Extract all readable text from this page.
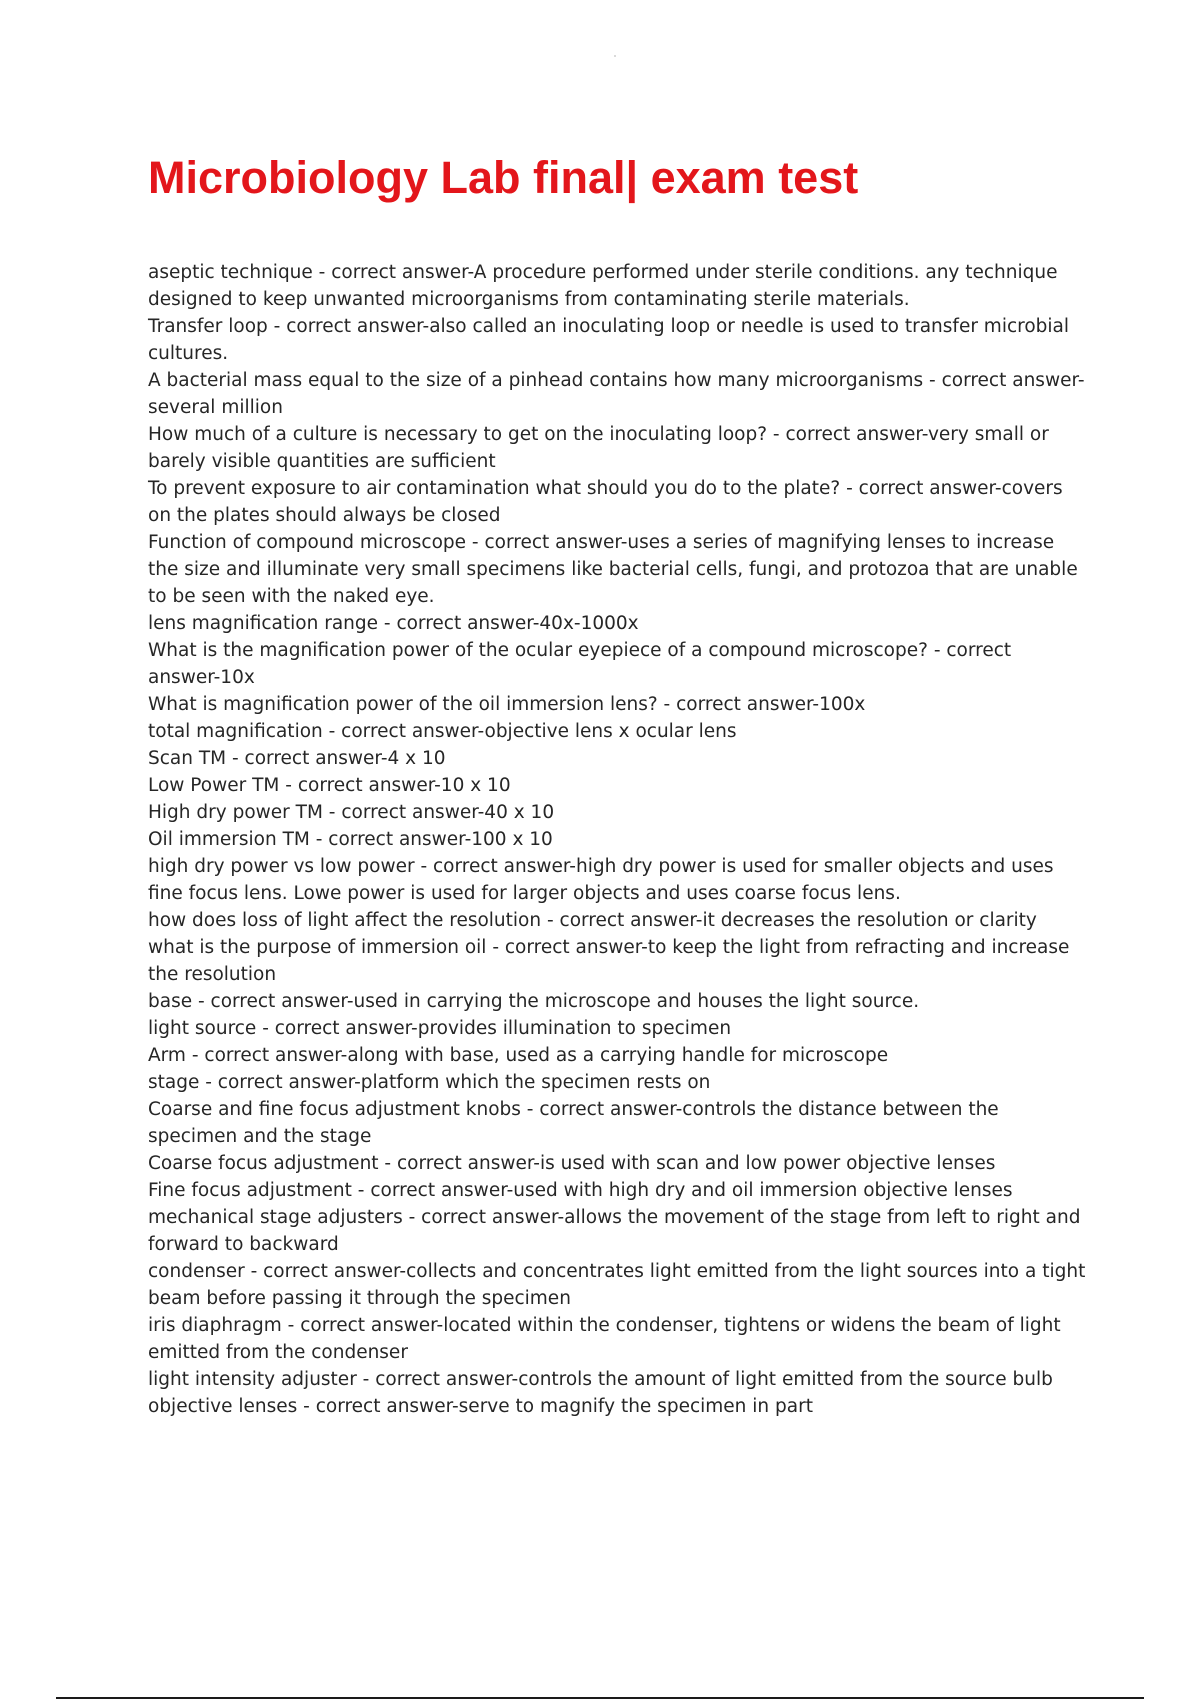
Microbiology Lab final| exam test

aseptic technique - correct answer-A procedure performed under sterile conditions. any technique designed to keep unwanted microorganisms from contaminating sterile materials.

Transfer loop - correct answer-also called an inoculating loop or needle is used to transfer microbial cultures.

A bacterial mass equal to the size of a pinhead contains how many microorganisms - correct answer-several million

How much of a culture is necessary to get on the inoculating loop? - correct answer-very small or barely visible quantities are sufficient

To prevent exposure to air contamination what should you do to the plate? - correct answer-covers on the plates should always be closed

Function of compound microscope - correct answer-uses a series of magnifying lenses to increase the size and illuminate very small specimens like bacterial cells, fungi, and protozoa that are unable to be seen with the naked eye.

lens magnification range - correct answer-40x-1000x

What is the magnification power of the ocular eyepiece of a compound microscope? - correct answer-10x

What is magnification power of the oil immersion lens? - correct answer-100x

total magnification - correct answer-objective lens x ocular lens

Scan TM - correct answer-4 x 10

Low Power TM - correct answer-10 x 10

High dry power TM - correct answer-40 x 10

Oil immersion TM - correct answer-100 x 10

high dry power vs low power - correct answer-high dry power is used for smaller objects and uses fine focus lens. Lowe power is used for larger objects and uses coarse focus lens.

how does loss of light affect the resolution - correct answer-it decreases the resolution or clarity

what is the purpose of immersion oil - correct answer-to keep the light from refracting and increase the resolution

base - correct answer-used in carrying the microscope and houses the light source.

light source - correct answer-provides illumination to specimen

Arm - correct answer-along with base, used as a carrying handle for microscope

stage - correct answer-platform which the specimen rests on

Coarse and fine focus adjustment knobs - correct answer-controls the distance between the specimen and the stage

Coarse focus adjustment - correct answer-is used with scan and low power objective lenses

Fine focus adjustment - correct answer-used with high dry and oil immersion objective lenses

mechanical stage adjusters - correct answer-allows the movement of the stage from left to right and forward to backward

condenser - correct answer-collects and concentrates light emitted from the light sources into a tight beam before passing it through the specimen

iris diaphragm - correct answer-located within the condenser, tightens or widens the beam of light emitted from the condenser

light intensity adjuster - correct answer-controls the amount of light emitted from the source bulb

objective lenses - correct answer-serve to magnify the specimen in part
